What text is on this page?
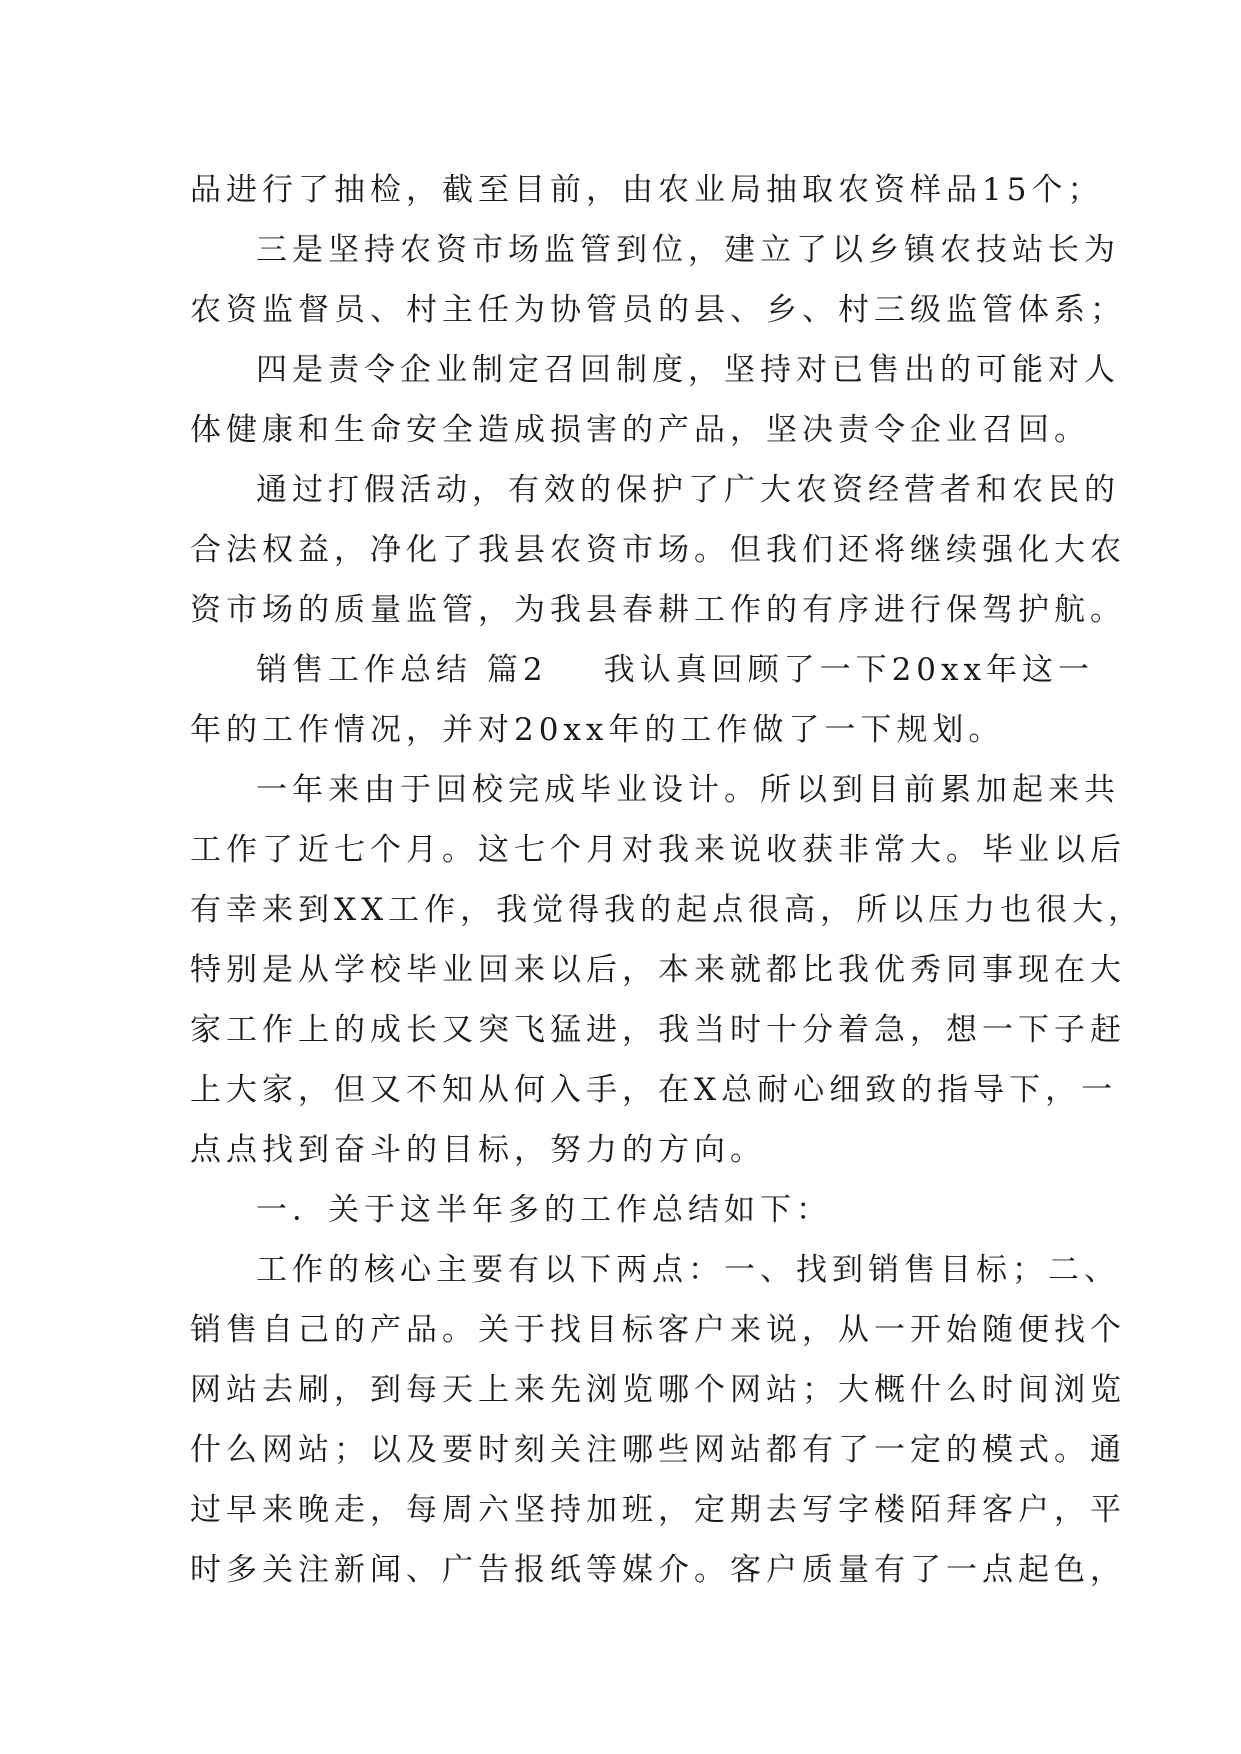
品进行了抽检，截至目前，由农业局抽取农资样品15个；
三是坚持农资市场监管到位，建立了以乡镇农技站长为
农资监督员、村主任为协管员的县、乡、村三级监管体系；
四是责令企业制定召回制度，坚持对已售出的可能对人
体健康和生命安全造成损害的产品，坚决责令企业召回。
通过打假活动，有效的保护了广大农资经营者和农民的
合法权益，净化了我县农资市场。但我们还将继续强化大农
资市场的质量监管，为我县春耕工作的有序进行保驾护航。
销售工作总结 篇2 我认真回顾了一下20xx年这一
年的工作情况，并对20xx年的工作做了一下规划。
一年来由于回校完成毕业设计。所以到目前累加起来共
工作了近七个月。这七个月对我来说收获非常大。毕业以后
有幸来到XX工作，我觉得我的起点很高，所以压力也很大，
特别是从学校毕业回来以后，本来就都比我优秀同事现在大
家工作上的成长又突飞猛进，我当时十分着急，想一下子赶
上大家，但又不知从何入手，在X总耐心细致的指导下，一
点点找到奋斗的目标，努力的方向。
一．关于这半年多的工作总结如下：
工作的核心主要有以下两点：一、找到销售目标；二、
销售自己的产品。关于找目标客户来说，从一开始随便找个
网站去刷，到每天上来先浏览哪个网站；大概什么时间浏览
什么网站；以及要时刻关注哪些网站都有了一定的模式。通
过早来晚走，每周六坚持加班，定期去写字楼陌拜客户，平
时多关注新闻、广告报纸等媒介。客户质量有了一点起色，
